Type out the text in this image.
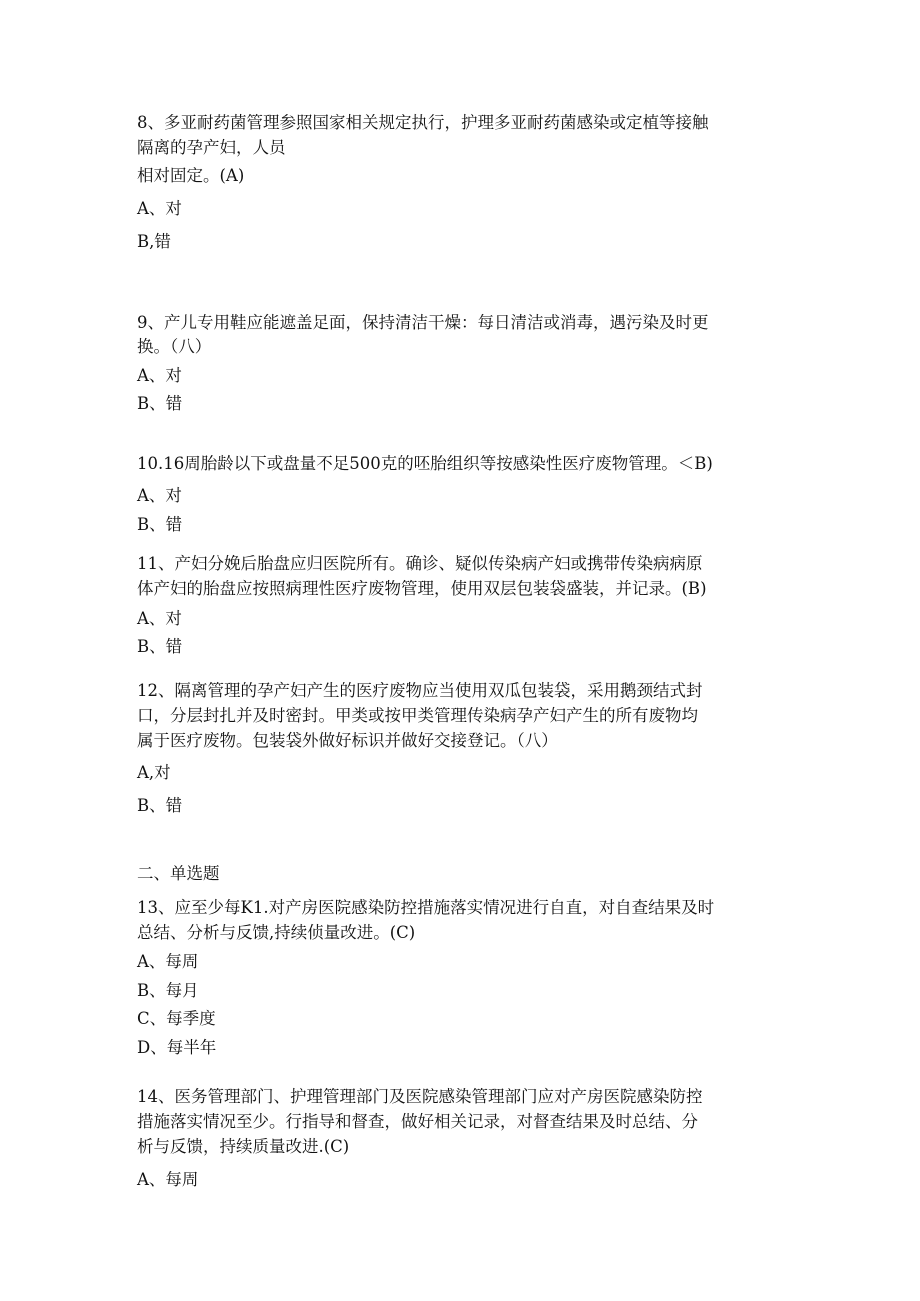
8、多亚耐药菌管理参照国家相关规定执行，护理多亚耐药菌感染或定植等接触
隔离的孕产妇，人员
相对固定。(A)
A、对
B,错
9、产儿专用鞋应能遮盖足面，保持清洁干燥：每日清洁或消毒，遇污染及时更
换。（八）
A、对
B、错
10.16周胎龄以下或盘量不足500克的呸胎组织等按感染性医疗废物管理。＜B)
A、对
B、错
11、产妇分娩后胎盘应归医院所有。确诊、疑似传染病产妇或携带传染病病原
体产妇的胎盘应按照病理性医疗废物管理，使用双层包装袋盛装，并记录。(B)
A、对
B、错
12、隔离管理的孕产妇产生的医疗废物应当使用双瓜包装袋，采用鹅颈结式封
口，分层封扎并及时密封。甲类或按甲类管理传染病孕产妇产生的所有废物均
属于医疗废物。包装袋外做好标识并做好交接登记。（八）
A,对
B、错
二、单选题
13、应至少每K1.对产房医院感染防控措施落实情况进行自直，对自查结果及时
总结、分析与反馈,持续侦量改进。(C)
A、每周
B、每月
C、每季度
D、每半年
14、医务管理部门、护理管理部门及医院感染管理部门应对产房医院感染防控
措施落实情况至少。行指导和督查，做好相关记录，对督查结果及时总结、分
析与反馈，持续质量改进.(C)
A、每周
